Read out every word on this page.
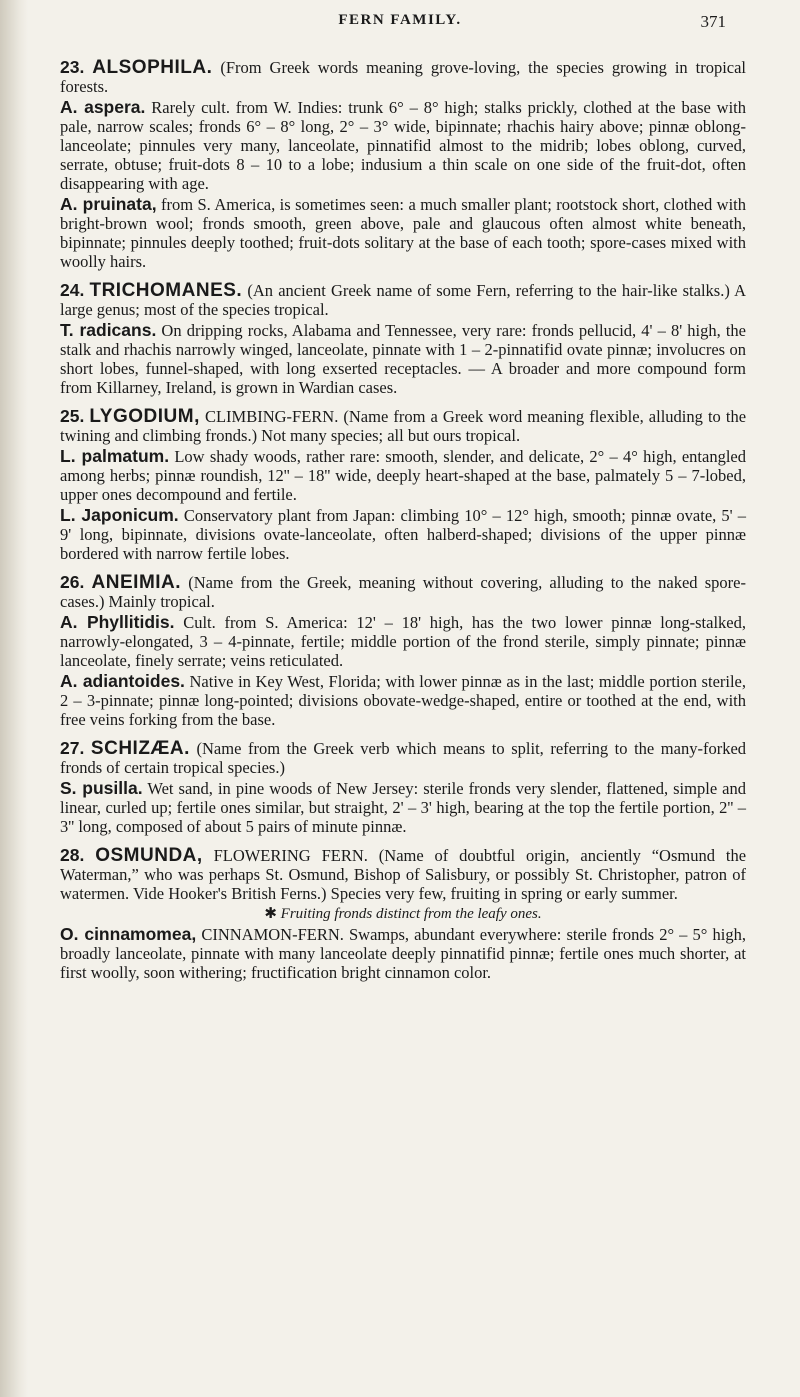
FERN FAMILY.	371

23. ALSOPHILA. (From Greek words meaning grove-loving, the species growing in tropical forests.

A. aspera. Rarely cult. from W. Indies: trunk 6° – 8° high; stalks prickly, clothed at the base with pale, narrow scales; fronds 6° – 8° long, 2° – 3° wide, bipinnate; rhachis hairy above; pinnæ oblong-lanceolate; pinnules very many, lanceolate, pinnatifid almost to the midrib; lobes oblong, curved, serrate, obtuse; fruit-dots 8 – 10 to a lobe; indusium a thin scale on one side of the fruit-dot, often disappearing with age.

A. pruinata, from S. America, is sometimes seen: a much smaller plant; rootstock short, clothed with bright-brown wool; fronds smooth, green above, pale and glaucous often almost white beneath, bipinnate; pinnules deeply toothed; fruit-dots solitary at the base of each tooth; spore-cases mixed with woolly hairs.

24. TRICHOMANES. (An ancient Greek name of some Fern, referring to the hair-like stalks.) A large genus; most of the species tropical.

T. radicans. On dripping rocks, Alabama and Tennessee, very rare: fronds pellucid, 4' – 8' high, the stalk and rhachis narrowly winged, lanceolate, pinnate with 1 – 2-pinnatifid ovate pinnæ; involucres on short lobes, funnel-shaped, with long exserted receptacles. — A broader and more compound form from Killarney, Ireland, is grown in Wardian cases.

25. LYGODIUM, CLIMBING-FERN. (Name from a Greek word meaning flexible, alluding to the twining and climbing fronds.) Not many species; all but ours tropical.

L. palmatum. Low shady woods, rather rare: smooth, slender, and delicate, 2° – 4° high, entangled among herbs; pinnæ roundish, 12'' – 18'' wide, deeply heart-shaped at the base, palmately 5 – 7-lobed, upper ones decompound and fertile.

L. Japonicum. Conservatory plant from Japan: climbing 10° – 12° high, smooth; pinnæ ovate, 5' – 9' long, bipinnate, divisions ovate-lanceolate, often halberd-shaped; divisions of the upper pinnæ bordered with narrow fertile lobes.

26. ANEIMIA. (Name from the Greek, meaning without covering, alluding to the naked spore-cases.) Mainly tropical.

A. Phyllitidis. Cult. from S. America: 12' – 18' high, has the two lower pinnæ long-stalked, narrowly-elongated, 3 – 4-pinnate, fertile; middle portion of the frond sterile, simply pinnate; pinnæ lanceolate, finely serrate; veins reticulated.

A. adiantoides. Native in Key West, Florida; with lower pinnæ as in the last; middle portion sterile, 2 – 3-pinnate; pinnæ long-pointed; divisions obovate-wedge-shaped, entire or toothed at the end, with free veins forking from the base.

27. SCHIZÆA. (Name from the Greek verb which means to split, referring to the many-forked fronds of certain tropical species.)

S. pusilla. Wet sand, in pine woods of New Jersey: sterile fronds very slender, flattened, simple and linear, curled up; fertile ones similar, but straight, 2' – 3' high, bearing at the top the fertile portion, 2'' – 3'' long, composed of about 5 pairs of minute pinnæ.

28. OSMUNDA, FLOWERING FERN. (Name of doubtful origin, anciently “Osmund the Waterman,” who was perhaps St. Osmund, Bishop of Salisbury, or possibly St. Christopher, patron of watermen. Vide Hooker's British Ferns.) Species very few, fruiting in spring or early summer.

✱ Fruiting fronds distinct from the leafy ones.

O. cinnamomea, CINNAMON-FERN. Swamps, abundant everywhere: sterile fronds 2° – 5° high, broadly lanceolate, pinnate with many lanceolate deeply pinnatifid pinnæ; fertile ones much shorter, at first woolly, soon withering; fructification bright cinnamon color.
